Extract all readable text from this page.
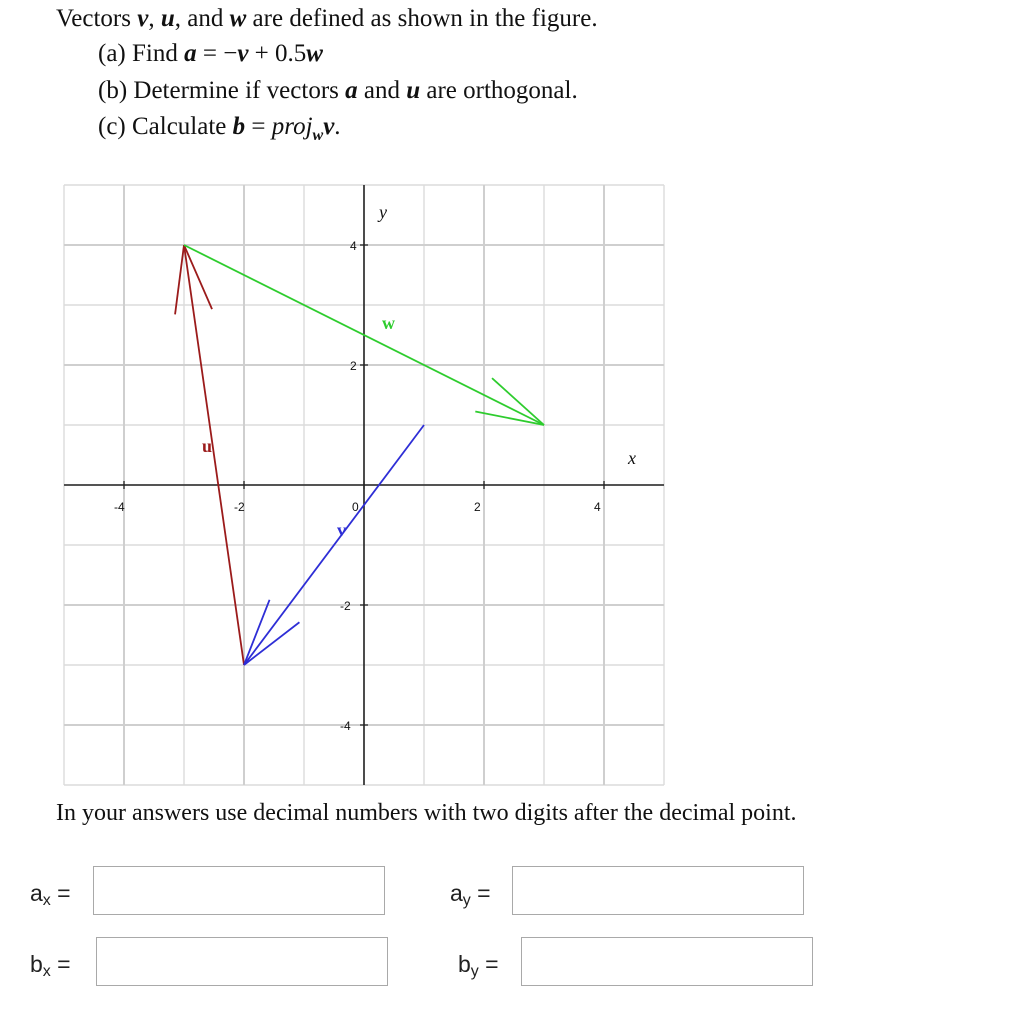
Vectors v, u, and w are defined as shown in the figure.
(a) Find a = −v + 0.5w
(b) Determine if vectors a and u are orthogonal.
(c) Calculate b = proj$_w$v.
-4	-2	0	2	4
-4
-2
2
4
x
y
u
w
v
In your answers use decimal numbers with two digits after the decimal point.
$a_x$ =	$a_y$ =
$b_x$ =	$b_y$ =
